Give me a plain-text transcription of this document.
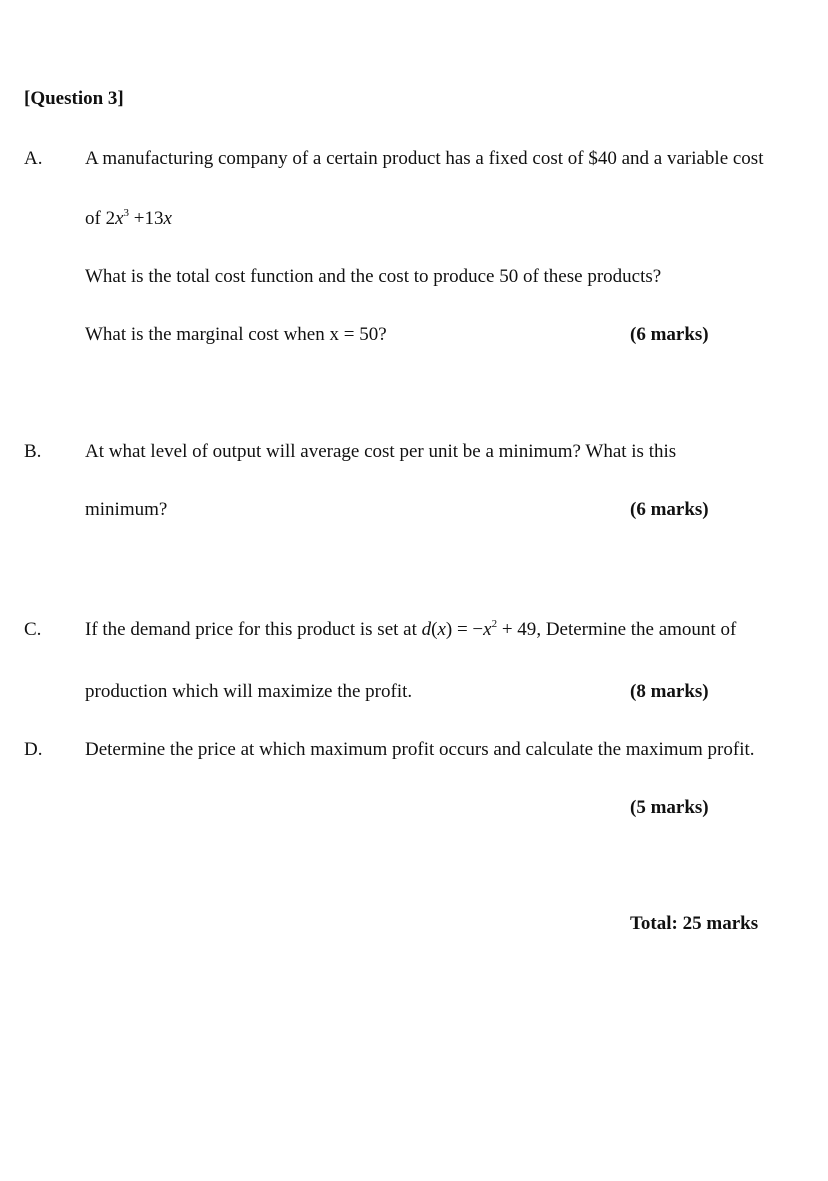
[Question 3]
A. A manufacturing company of a certain product has a fixed cost of $40 and a variable cost
of $2x^3 +13x$
What is the total cost function and the cost to produce 50 of these products?
What is the marginal cost when x = 50?	(6 marks)
B. At what level of output will average cost per unit be a minimum? What is this
minimum?	(6 marks)
C. If the demand price for this product is set at $d(x) = -x^2 + 49$, Determine the amount of
production which will maximize the profit.	(8 marks)
D. Determine the price at which maximum profit occurs and calculate the maximum profit.
(5 marks)
Total: 25 marks
